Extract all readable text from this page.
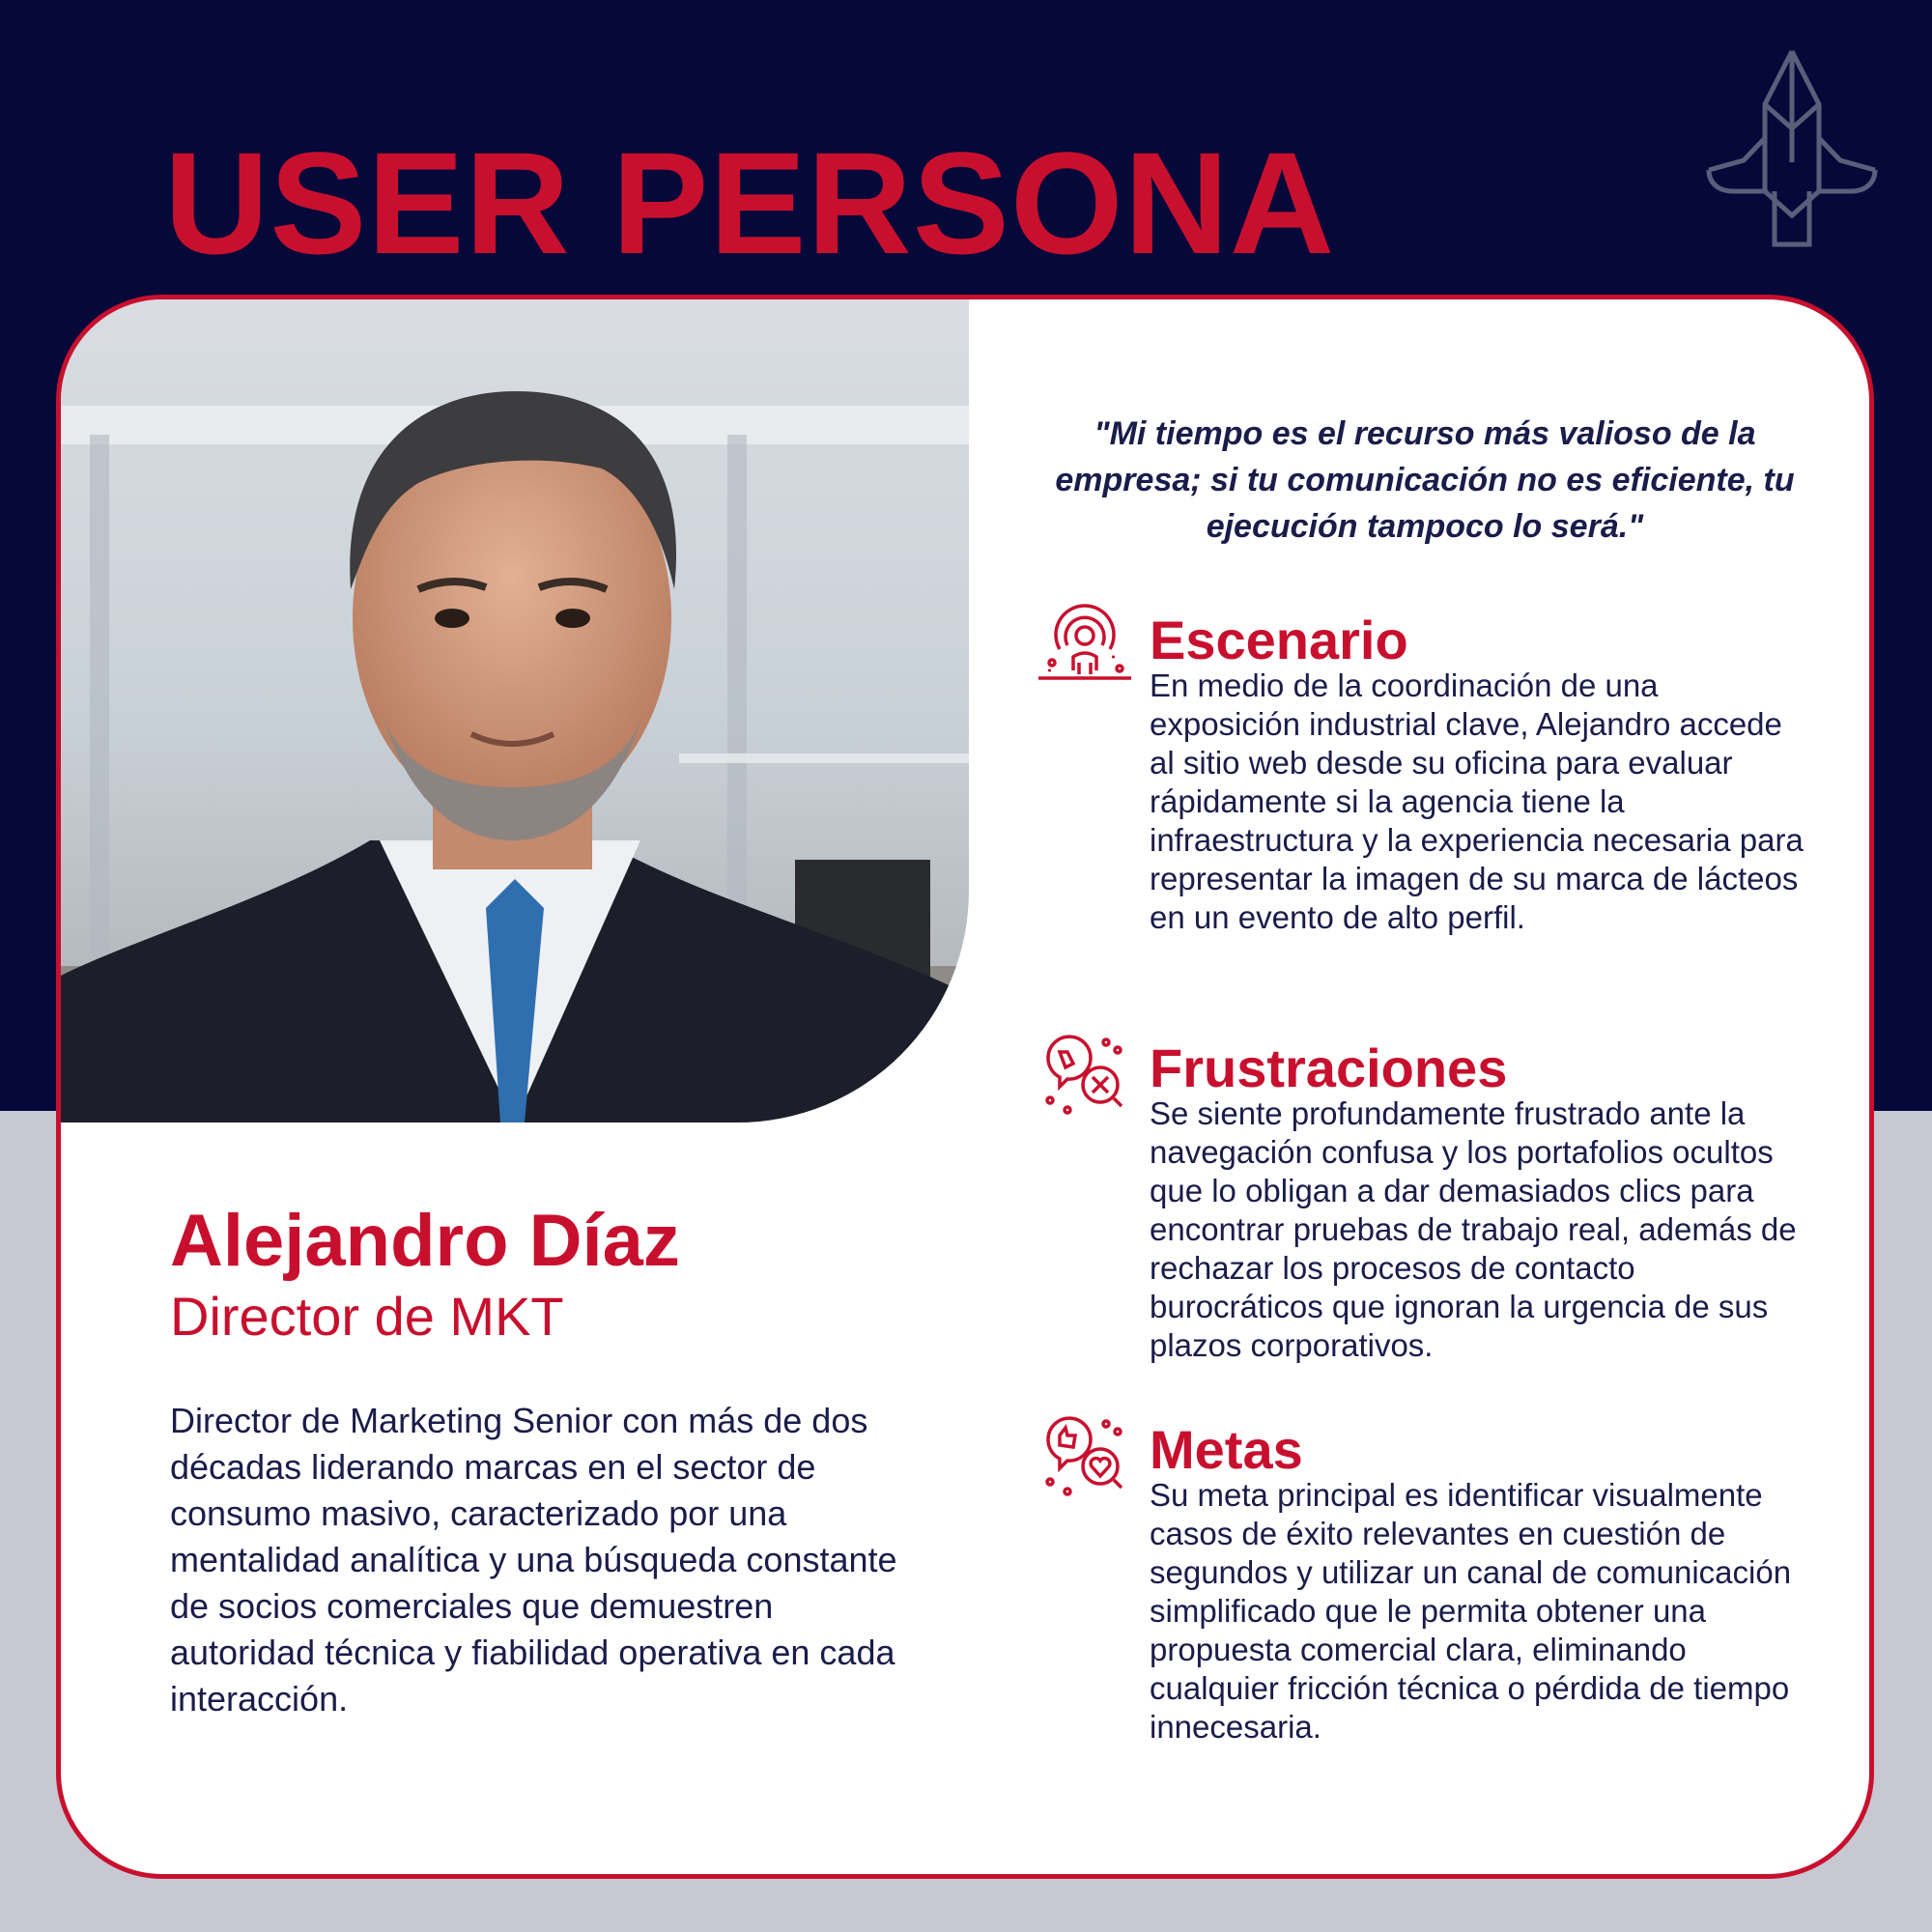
USER PERSONA
Alejandro Díaz
Director de MKT

Director de Marketing Senior con más de dos décadas liderando marcas en el sector de consumo masivo, caracterizado por una mentalidad analítica y una búsqueda constante de socios comerciales que demuestren autoridad técnica y fiabilidad operativa en cada interacción.

"Mi tiempo es el recurso más valioso de la empresa; si tu comunicación no es eficiente, tu ejecución tampoco lo será."

Escenario

En medio de la coordinación de una exposición industrial clave, Alejandro accede al sitio web desde su oficina para evaluar rápidamente si la agencia tiene la infraestructura y la experiencia necesaria para representar la imagen de su marca de lácteos en un evento de alto perfil.

Frustraciones

Se siente profundamente frustrado ante la navegación confusa y los portafolios ocultos que lo obligan a dar demasiados clics para encontrar pruebas de trabajo real, además de rechazar los procesos de contacto burocráticos que ignoran la urgencia de sus plazos corporativos.

Metas

Su meta principal es identificar visualmente casos de éxito relevantes en cuestión de segundos y utilizar un canal de comunicación simplificado que le permita obtener una propuesta comercial clara, eliminando cualquier fricción técnica o pérdida de tiempo innecesaria.
